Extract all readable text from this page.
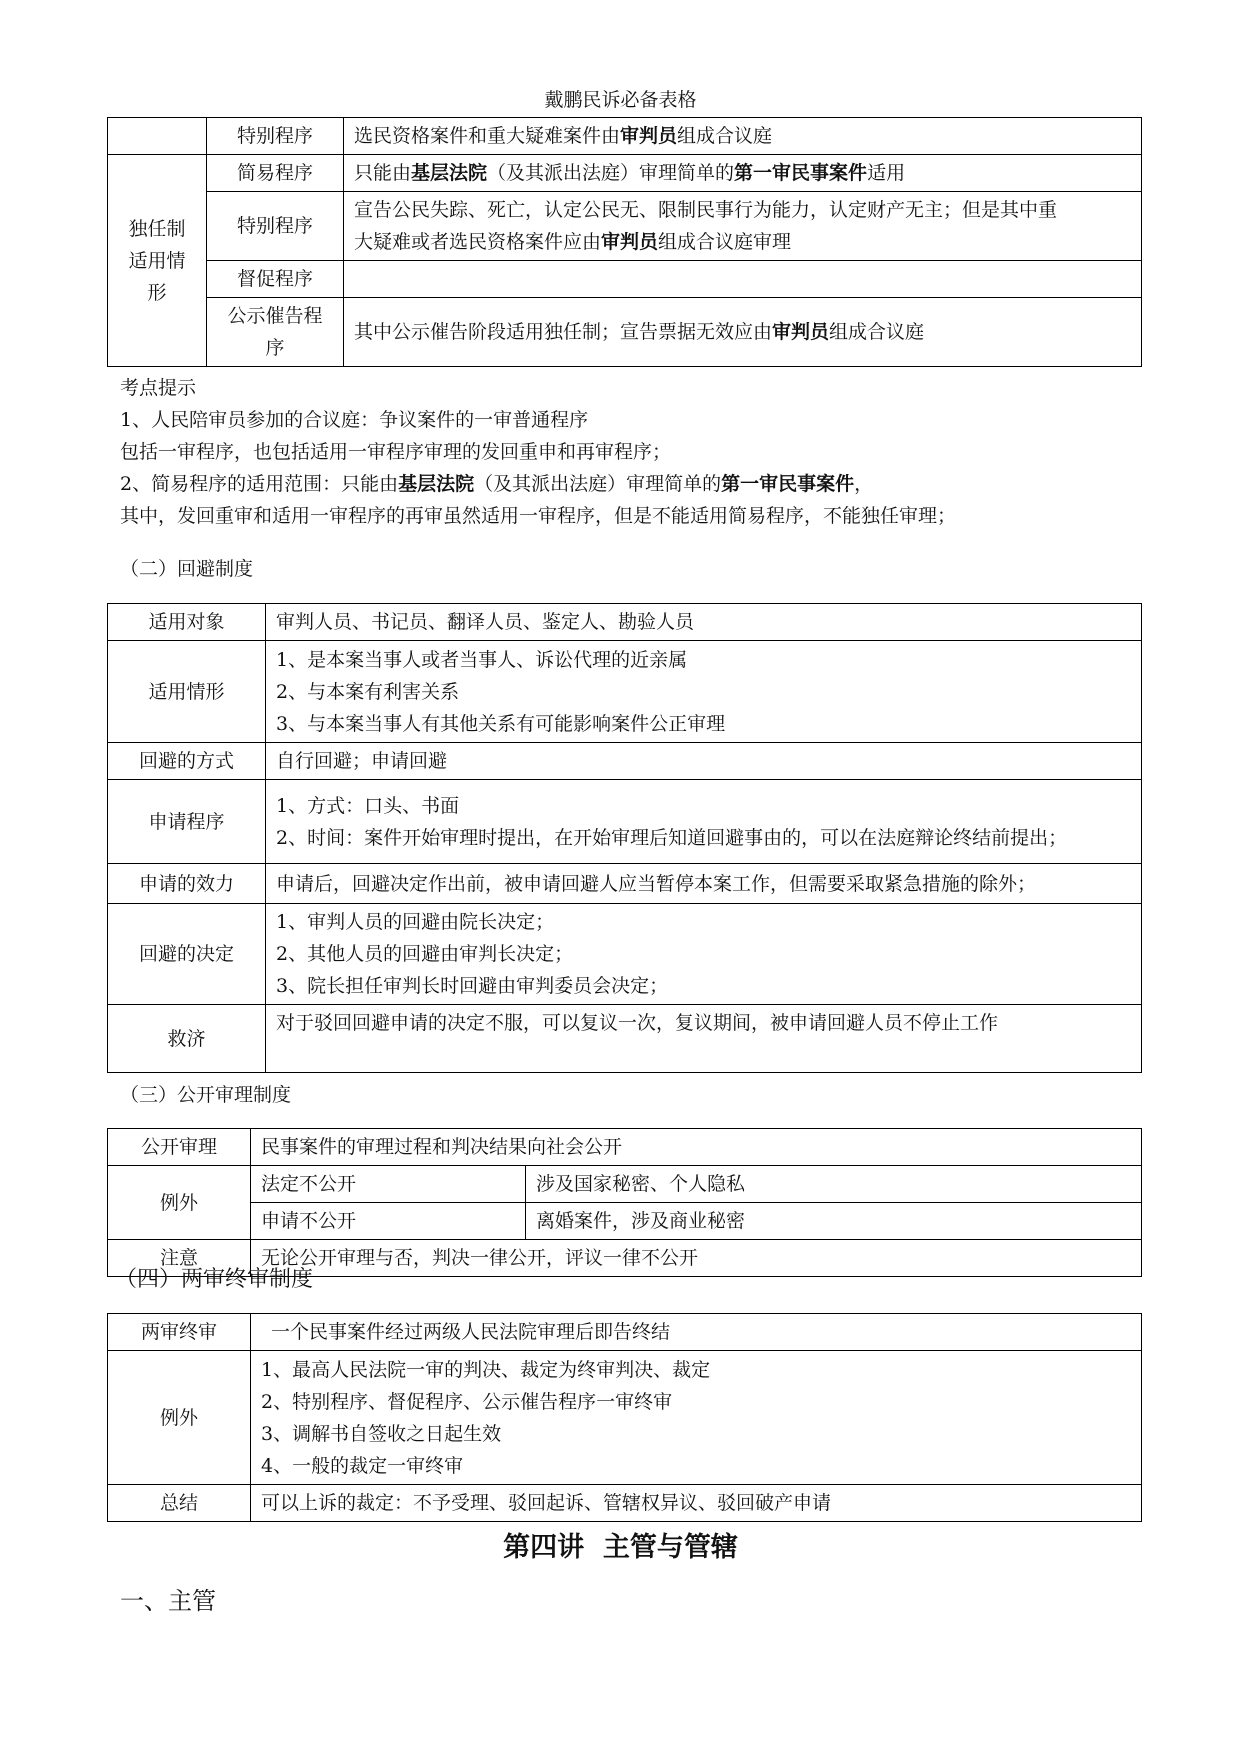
戴鹏民诉必备表格
	特别程序	选民资格案件和重大疑难案件由审判员组成合议庭
独任制适用情形	简易程序	只能由基层法院（及其派出法庭）审理简单的第一审民事案件适用
	特别程序	宣告公民失踪、死亡，认定公民无、限制民事行为能力，认定财产无主；但是其中重
大疑难或者选民资格案件应由审判员组成合议庭审理

	督促程序	
	公示催告程序	其中公示催告阶段适用独任制；宣告票据无效应由审判员组成合议庭
考点提示
1、人民陪审员参加的合议庭：争议案件的一审普通程序
包括一审程序，也包括适用一审程序审理的发回重申和再审程序；
2、简易程序的适用范围：只能由基层法院（及其派出法庭）审理简单的第一审民事案件，
其中，发回重审和适用一审程序的再审虽然适用一审程序，但是不能适用简易程序，不能独任审理；
（二）回避制度
适用对象	审判人员、书记员、翻译人员、鉴定人、勘验人员

适用情形	1、是本案当事人或者当事人、诉讼代理的近亲属
2、与本案有利害关系
3、与本案当事人有其他关系有可能影响案件公正审理

回避的方式	自行回避；申请回避

申请程序	1、方式：口头、书面
2、时间：案件开始审理时提出，在开始审理后知道回避事由的，可以在法庭辩论终结前提出；

申请的效力	申请后，回避决定作出前，被申请回避人应当暂停本案工作，但需要采取紧急措施的除外；

回避的决定	1、审判人员的回避由院长决定；
2、其他人员的回避由审判长决定；
3、院长担任审判长时回避由审判委员会决定；

救济	对于驳回回避申请的决定不服，可以复议一次，复议期间，被申请回避人员不停止工作
（三）公开审理制度
公开审理	民事案件的审理过程和判决结果向社会公开	
例外	法定不公开	涉及国家秘密、个人隐私
	申请不公开	离婚案件，涉及商业秘密
注意	无论公开审理与否，判决一律公开，评议一律不公开	
（四）两审终审制度
两审终审	一个民事案件经过两级人民法院审理后即告终结
例外	1、最高人民法院一审的判决、裁定为终审判决、裁定
2、特别程序、督促程序、公示催告程序一审终审
3、调解书自签收之日起生效
4、一般的裁定一审终审

总结	可以上诉的裁定：不予受理、驳回起诉、管辖权异议、驳回破产申请
第四讲  主管与管辖
一、主管
